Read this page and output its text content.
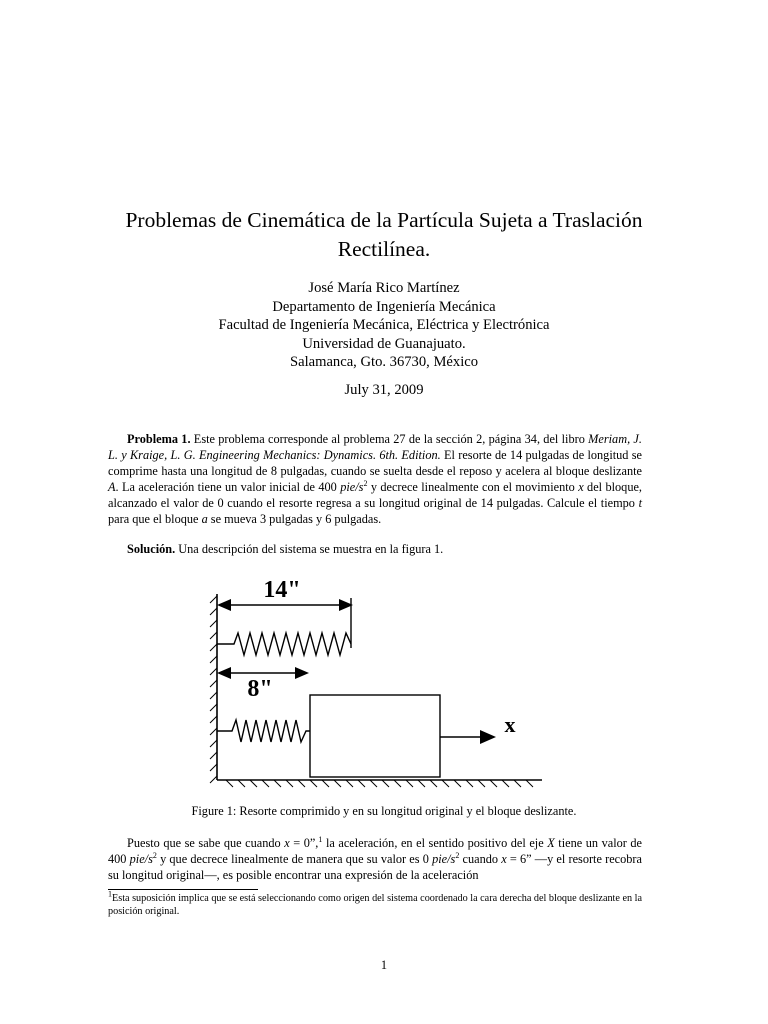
Problemas de Cinemática de la Partícula Sujeta a Traslación
Rectilínea.
José María Rico Martínez
Departamento de Ingeniería Mecánica
Facultad de Ingeniería Mecánica, Eléctrica y Electrónica
Universidad de Guanajuato.
Salamanca, Gto. 36730, México
July 31, 2009
Problema 1. Este problema corresponde al problema 27 de la sección 2, página 34, del libro Meriam, J. L. y Kraige, L. G. Engineering Mechanics: Dynamics. 6th. Edition. El resorte de 14 pulgadas de longitud se comprime hasta una longitud de 8 pulgadas, cuando se suelta desde el reposo y acelera al bloque deslizante A. La aceleración tiene un valor inicial de 400 pie/$s^2$ y decrece linealmente con el movimiento x del bloque, alcanzado el valor de 0 cuando el resorte regresa a su longitud original de 14 pulgadas. Calcule el tiempo t para que el bloque a se mueva 3 pulgadas y 6 pulgadas.
Solución. Una descripción del sistema se muestra en la figura 1.
14"
8"
x
Figure 1: Resorte comprimido y en su longitud original y el bloque deslizante.
Puesto que se sabe que cuando x = 0”,$^1$ la aceleración, en el sentido positivo del eje X tiene un valor de 400 pie/$s^2$ y que decrece linealmente de manera que su valor es 0 pie/$s^2$ cuando x = 6” —y el resorte recobra su longitud original—, es posible encontrar una expresión de la aceleración
$^1$Esta suposición implica que se está seleccionando como origen del sistema coordenado la cara derecha del bloque deslizante en la posición original.
1
